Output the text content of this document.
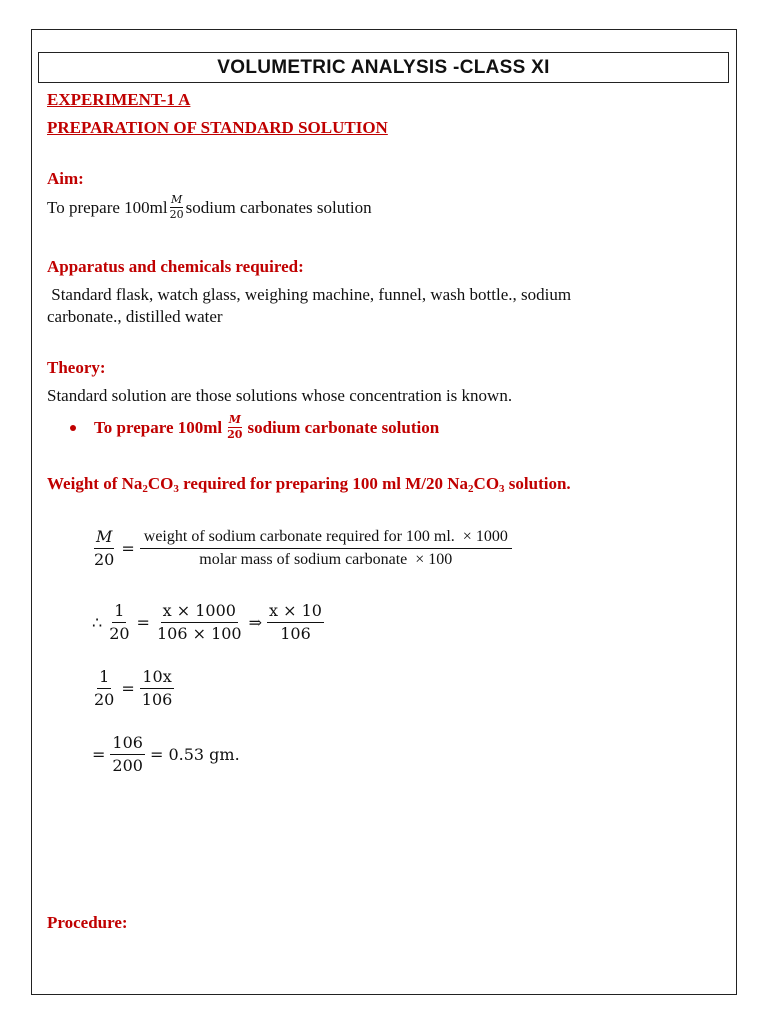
VOLUMETRIC ANALYSIS -CLASS XI
EXPERIMENT-1 A
PREPARATION OF STANDARD SOLUTION
Aim:
To prepare $100ml \frac{M}{20}$ sodium carbonates solution
Apparatus and chemicals required:
Standard flask, watch glass, weighing machine, funnel, wash bottle., sodium
carbonate., distilled water
Theory:
Standard solution are those solutions whose concentration is known.
To prepare $100ml \frac{M}{20}$ sodium carbonate solution
Weight of $Na_2CO_3$ required for preparing 100 ml M/20 $Na_2CO_3$ solution.
$\frac{M}{20} = \frac{\text{weight of sodium carbonate required for 100 ml.  × 1000}}{\text{molar mass of sodium carbonate  × 100}}$
∴ $\frac{1}{20} = \frac{x \times 1000}{106 \times 100}$ ⇒ $\frac{x \times 10}{106}$
$\frac{1}{20} = \frac{10x}{106}$
= $\frac{106}{200} = 0.53$ gm.
Procedure:
